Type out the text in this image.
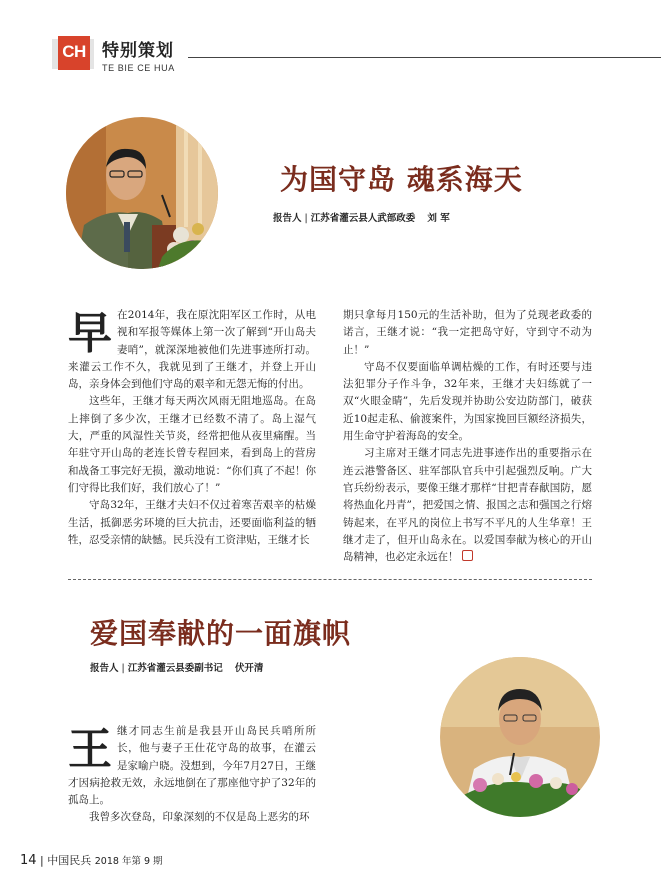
CH 特别策划
TE BIE CE HUA
为国守岛 魂系海天
报告人 | 江苏省灌云县人武部政委 刘 军
早 在2014年，我在原沈阳军区工作时，从电视和军报等媒体上第一次了解到“开山岛夫妻哨”，就深深地被他们先进事迹所打动。来灌云工作不久，我就见到了王继才，并登上开山岛，亲身体会到他们守岛的艰辛和无怨无悔的付出。

这些年，王继才每天两次风雨无阻地巡岛。在岛上摔倒了多少次，王继才已经数不清了。岛上湿气大，严重的风湿性关节炎，经常把他从夜里痛醒。当年驻守开山岛的老连长曾专程回来，看到岛上的营房和战备工事完好无损，激动地说：“你们真了不起！你们守得比我们好，我们放心了！”

守岛32年，王继才夫妇不仅过着寒苦艰辛的枯燥生活，抵御恶劣环境的巨大抗击，还要面临利益的牺牲，忍受亲情的缺憾。民兵没有工资津贴，王继才长

期只拿每月150元的生活补助，但为了兑现老政委的诺言，王继才说：“我一定把岛守好，守到守不动为止！”

守岛不仅要面临单调枯燥的工作，有时还要与违法犯罪分子作斗争，32年来，王继才夫妇练就了一双“火眼金睛”，先后发现并协助公安边防部门，破获近10起走私、偷渡案件，为国家挽回巨额经济损失，用生命守护着海岛的安全。

习主席对王继才同志先进事迹作出的重要指示在连云港警备区、驻军部队官兵中引起强烈反响。广大官兵纷纷表示，要像王继才那样“甘把青春献国防，愿将热血化丹青”，把爱国之情、报国之志和强国之行熔铸起来，在平凡的岗位上书写不平凡的人生华章！王继才走了，但开山岛永在。以爱国奉献为核心的开山岛精神，也必定永远在！

爱国奉献的一面旗帜
报告人 | 江苏省灌云县委副书记 伏开清
王 继才同志生前是我县开山岛民兵哨所所长，他与妻子王仕花守岛的故事，在灌云是家喻户晓。没想到，今年7月27日，王继才因病抢救无效，永远地倒在了那座他守护了32年的孤岛上。

我曾多次登岛，印象深刻的不仅是岛上恶劣的环

14 | 中国民兵 2018 年第 9 期
